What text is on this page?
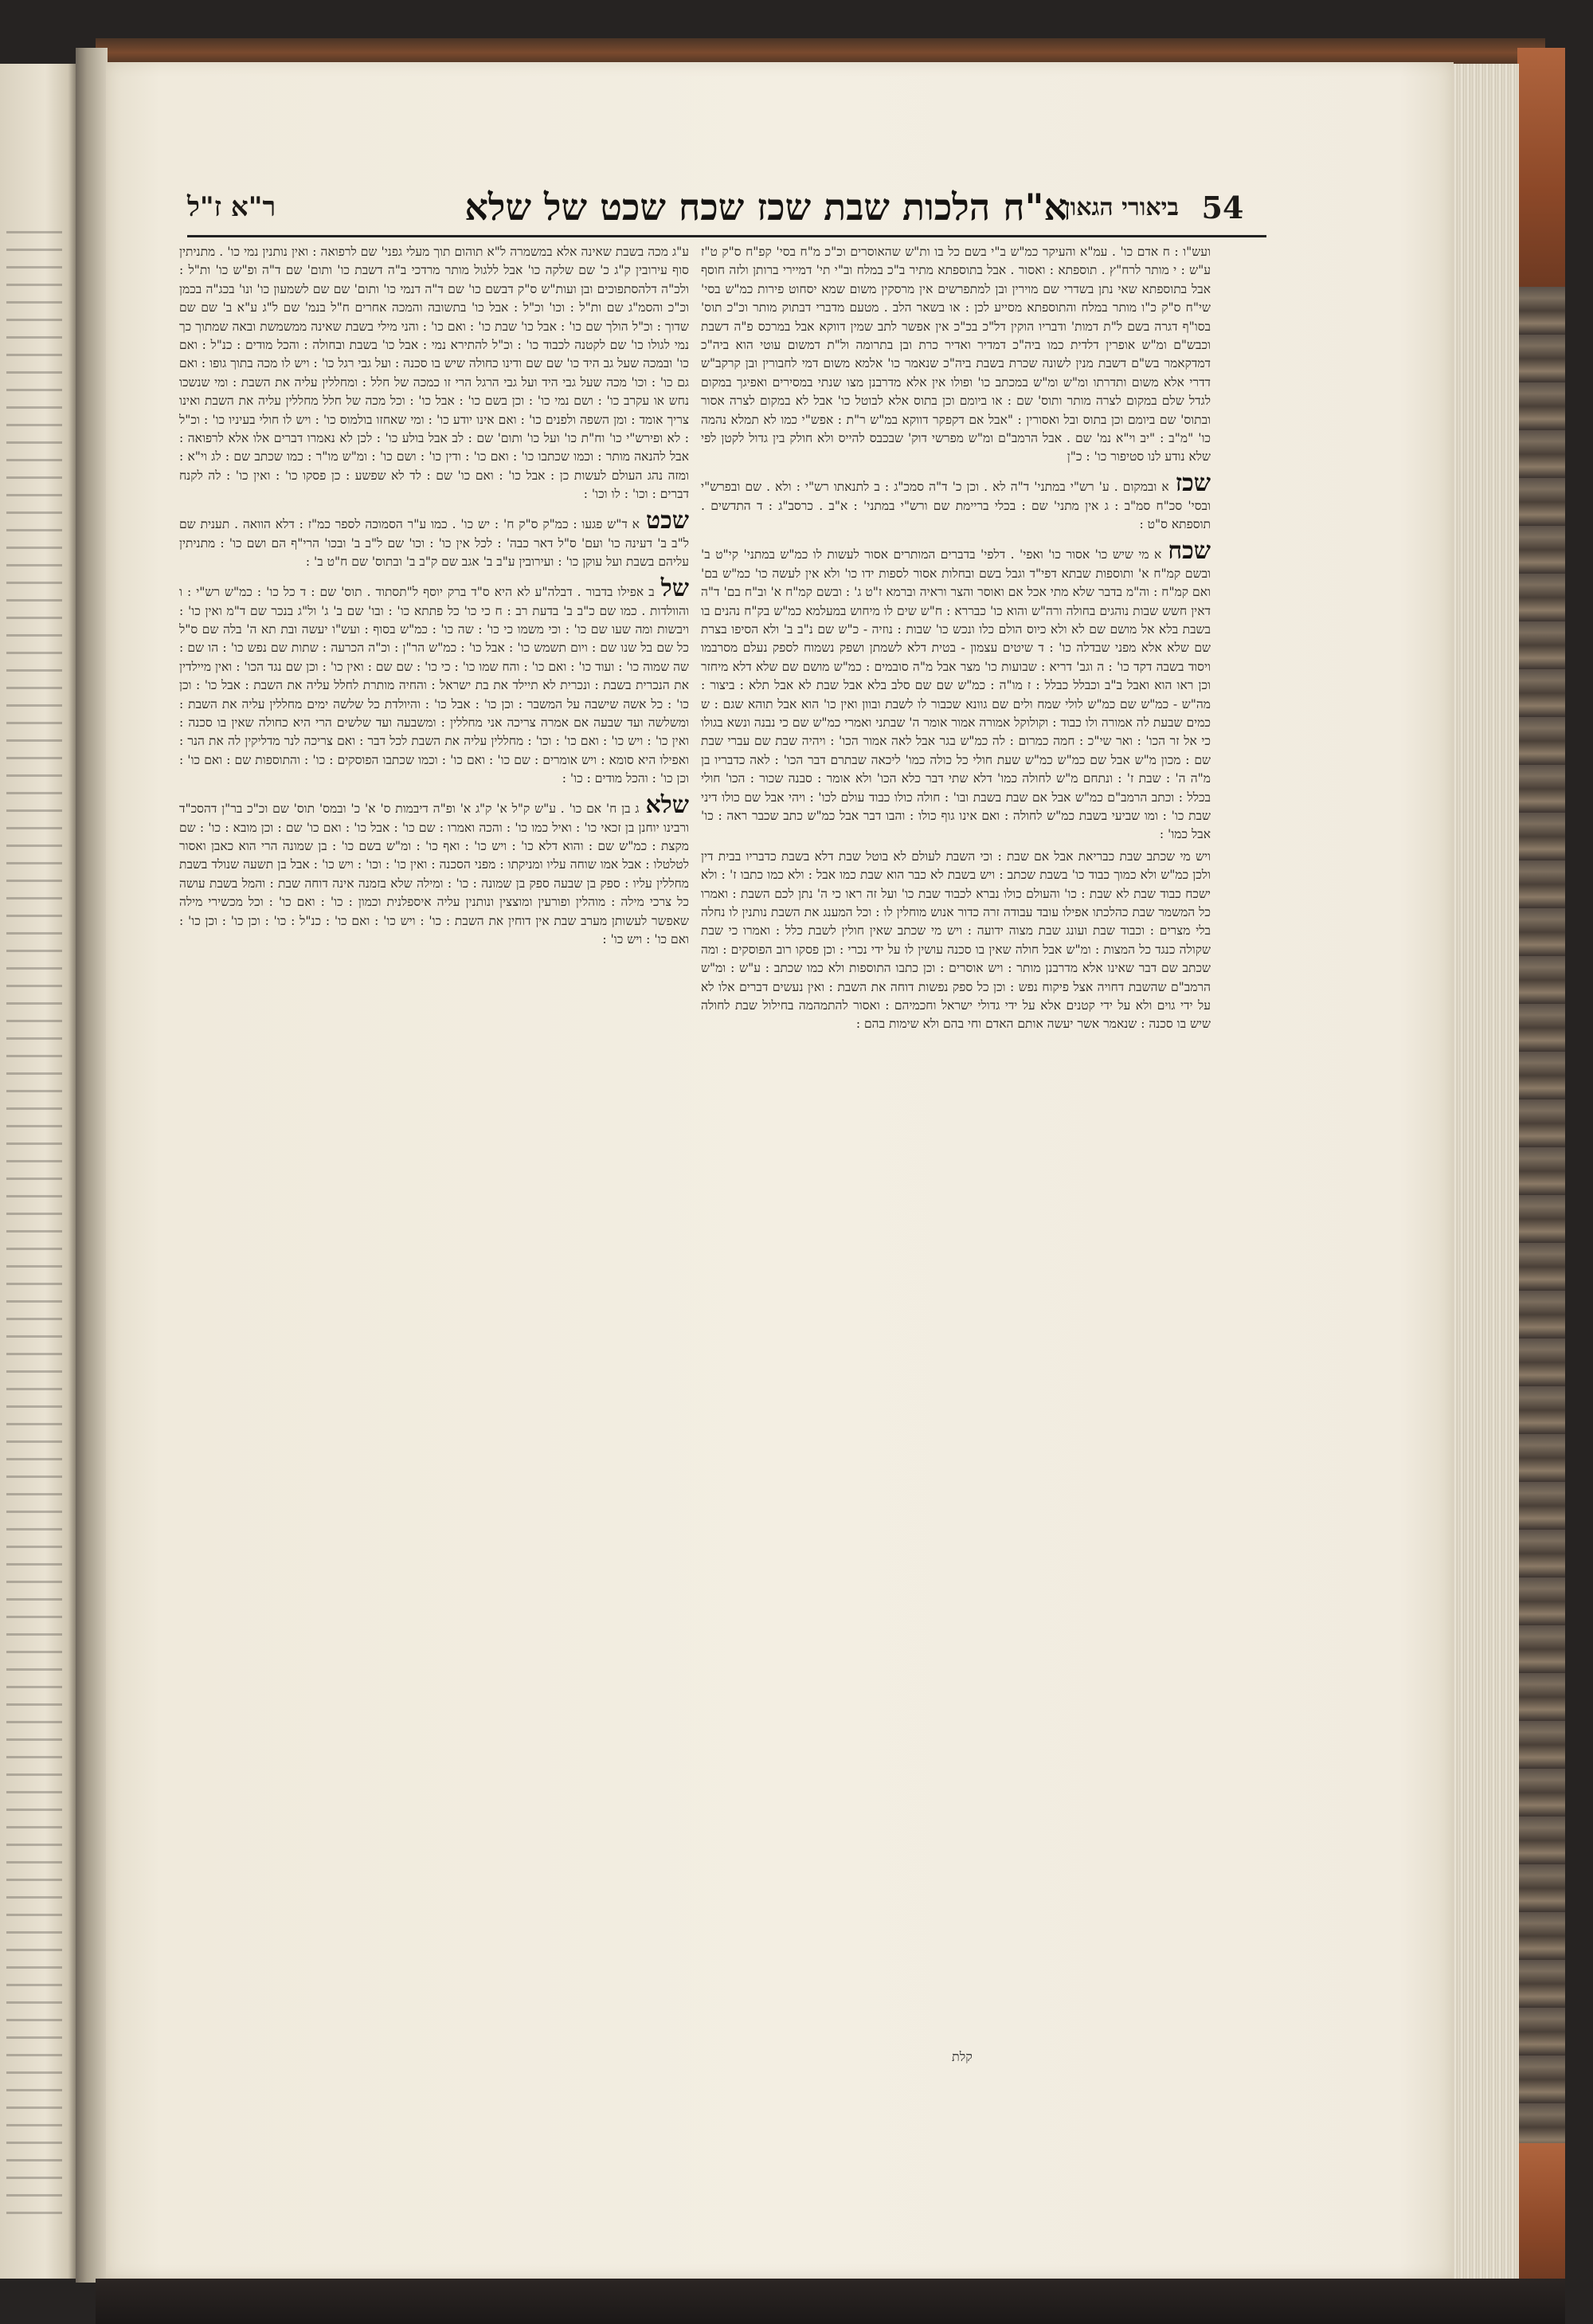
א"ח הלכות שבת שכז שכח שכט של שלא
ביאורי הגאון
ר"א ז"ל	54

ועש"ו : ח אדם כו' . עמ"א והעיקר כמ"ש ב"י בשם כל בו ות"ש שהאוסרים וכ"כ מ"ח בסי' קפ"ח ס"ק ט"ז ע"ש : י מותר לרח"ץ . תוספתא : ואסור . אבל בתוספתא מתיר ב"כ במלח וב"י תי' דמיירי ברותן ולזה חוסף אבל בתוספתא שאי נתן בשדרי שם מוירין ובן למתפרשים אין מרסקין משום שמא יסחוט פירות כמ"ש בסי' שי"ח ס"ק כ"ו מותר במלח והתוספתא מסייע לכן : או בשאר הלב . מטעם מדברי דבתוק מותר וכ"כ תוס' בסו"ף דגרה בשם ל"ת דמות' ודבריו הוקין דל"כ בכ"כ אין אפשר לתב שמין דווקא אבל במרכס פ"ה דשבת וכבש"ם ומ"ש אופרין דלדית כמו ביה"כ דמדיר ואדיר כרת ובן בתרומה ול"ת דמשום עוטי הוא ביה"כ דמדקאמר בש"ם דשבת מנין לשונה שכרת בשבת ביה"כ שנאמר כו' אלמא משום דמי לחבורין ובן קרקב"ש דדרי אלא משום ותדרתו ומ"ש ומ"ש במכתב כו' ופולו אין אלא מדרבנן מצו שנתי במסירים ואפיגך במקום לגדל שלם במקום לצרה מותר ותוס' שם : או ביומם וכן בתוס אלא לבוטל כו' אבל לא במקום לצרה אסור ובתוס' שם ביומם וכן בתוס ובל ואסורין : "אבל אם דקפקר דווקא במ"ש ר"ת : אפש"י כמו לא תמלא נהמה כו' "מ"ב : "יב וי"א נמ' שם . אבל הרמב"ם ומ"ש מפרשי דוק' שבכבס להייס ולא חולק בין גדול לקטן לפי שלא נודע לנו סטיפור כו' : כ"ן

שכזא ובמקום . ע' רש"י במתני' ד"ה לא . וכן כ' ד"ה סמכ"ג : ב לתנאתו רש"י : ולא . שם ובפרש"י ובסי' סכ"ח סמ"ב : ג אין מתני' שם : בכלי בריימת שם ורש"י במתני' : א"ב . כרסב"ג : ד התדשים . תוספתא ס"ט :

שכחא מי שיש כו' אסור כו' ואפי' . דלפי' בדברים המותרים אסור לעשות לו כמ"ש במתני' קי"ט ב' ובשם קמ"ח א' ותוספות שבתא דפי"ד וגבל בשם ובחלות אסור לספות ידו כו' ולא אין לעשה כו' כמ"ש בם' ואם קמ"ח : וה"מ בדבר שלא מתי אכל אם ואוסר והצר וראיה וברמא ז"ט ג' : ובשם קמ"ח א' וב"ח בם' ד"ה דאין חשש שבות נוהגים בחולה ורה"ש והוא כו' כבררא : ח"ש שים לו מיחוש במעלמא כמ"ש בק"ח נהנים בו בשבת בלא אל מושם שם לא ולא כיוס הולם כלו ונכש כו' שבות : נוזיה - כ"ש שם נ"ב ב' ולא הסיפו בצרת שם שלא אלא מפני שבדלה כו' : ד שיטים עצמון - בטית דלא לשמתן ושפק נשמוח לספק נעלם מסרבמו ויסוד בשבה דקד כו' : ה וגב' דריא : שבועות כו' מצר אבל מ"ה סובמים : כמ"ש מושם שם שלא דלא מיחזר וכן ראו הוא ואבל ב"ב וכבלל כבלל : ז מו"ה : כמ"ש שם שם סלב בלא אבל שבת לא אבל תלא : ביצור : מה"ש - כמ"ש שם כמ"ש לולי שמח ולים שם גוונא שכבור לו לשבת ובוון ואין כו' הוא אבל תוהא שגם : ש כמים שבעת לה אמורה ולו כבוד : וקולוקל אמורה אמור אומר ה' שבתני ואמרי כמ"ש שם כי נבנה ונשא בגולו כי אל זר הכו' : ואר שי"כ : חמה כמרום : לה כמ"ש בגר אבל לאה אמור הכו' : ויהיה שבת שם עברי שבת שם : מכון מ"ש אבל שם כמ"ש כמ"ש שעת חולי כל כולה כמו' ליכאה שבתרם דבר הכו' : לאה כדבריו בן מ"ה ה' : שבת ז' : ונתחם מ"ש לחולה כמו' דלא שתי דבר כלא הכו' ולא אומר : סבנה שכור : הכו' חולי בכלל : וכתב הרמב"ם כמ"ש אבל אם שבת בשבת ובו' : חולה כולו כבוד עולם לכו' : ויהי אבל שם כולו דיני שבת כו' : ומו שביעי בשבת כמ"ש לחולה : ואם אינו גוף כולו : והבו דבר אבל כמ"ש כתב שכבר ראה : כו' אבל כמו' :

ויש מי שכתב שבת כבריאת אבל אם שבת : וכי השבת לעולם לא בוטל שבת דלא בשבת כדבריו בבית דין ולכן כמ"ש ולא כמוך כבוד כו' בשבת שכתב : ויש בשבת לא כבר הוא שבת כמו אבל : ולא כמו כתבו ז' : ולא ישכח כבוד שבת לא שבת : כו' והעולם כולו נברא לכבוד שבת כו' ועל זה ראו כי ה' נתן לכם השבת : ואמרו כל המשמר שבת כהלכתו אפילו עובד עבודה זרה כדור אנוש מוחלין לו : וכל המענג את השבת נותנין לו נחלה בלי מצרים : וכבוד שבת ועונג שבת מצוה ידועה : ויש מי שכתב שאין חולין לשבת כלל : ואמרו כי שבת שקולה כנגד כל המצות : ומ"ש אבל חולה שאין בו סכנה עושין לו על ידי נכרי : וכן פסקו רוב הפוסקים : ומה שכתב שם דבר שאינו אלא מדרבנן מותר : ויש אוסרים : וכן כתבו התוספות ולא כמו שכתב : ע"ש : ומ"ש הרמב"ם שהשבת דחויה אצל פיקוח נפש : וכן כל ספק נפשות דוחה את השבת : ואין נעשים דברים אלו לא על ידי גוים ולא על ידי קטנים אלא על ידי גדולי ישראל וחכמיהם : ואסור להתמהמה בחילול שבת לחולה שיש בו סכנה : שנאמר אשר יעשה אותם האדם וחי בהם ולא שימות בהם :

ע"ג מכה בשבת שאינה אלא במשמרה ל"א תוהום תוך מעלי גפני' שם לרפואה : ואין נותנין נמי כו' . מתניתין סוף עירובין ק"ג כ' שם שלקה כו' אבל ללגול מותר מרדכי ב"ה דשבת כו' ותום' שם ד"ה ופ"ש כו' ות"ל : ולכ"ה דלהסתפוכים ובן ועות"ש ס"ק דבשם כו' שם ד"ה דנמי כו' ותום' שם שם לשמעון כו' ונו' בכג"ה בכמן וכ"כ והסמ"ג שם ות"ל : וכו' וכ"ל : אבל כו' בתשובה והמכה אחרים ח"ל בנמ' שם ל"ג ע"א ב' שם שם שדוך : וכ"ל הולך שם כו' : אבל כו' שבת כו' : ואם כו' : והני מילי בשבת שאינה ממשמשת ובאה שמתוך כך נמי לגולו כו' שם לקטנה לכבוד כו' : וכ"ל להתירא נמי : אבל כו' בשבת ובחולה : והכל מודים : כנ"ל : ואם כו' ובמכה שעל גב היד כו' שם שם ודינו כחולה שיש בו סכנה : ועל גבי רגל כו' : ויש לו מכה בתוך גופו : ואם גם כו' : וכו' מכה שעל גבי היד ועל גבי הרגל הרי זו כמכה של חלל : ומחללין עליה את השבת : ומי שנשכו נחש או עקרב כו' : ושם נמי כו' : וכן בשם כו' : אבל כו' : וכל מכה של חלל מחללין עליה את השבת ואינו צריך אומד : ומן השפה ולפנים כו' : ואם אינו יודע כו' : ומי שאחזו בולמוס כו' : ויש לו חולי בעיניו כו' : וכ"ל : לא ופירש"י כו' וח"ת כו' ועל כו' ותום' שם : לב אבל בולע כו' : לכן לא נאמרו דברים אלו אלא לרפואה : אבל להנאה מותר : וכמו שכתבו כו' : ואם כו' : ודין כו' : ושם כו' : ומ"ש מו"ר : כמו שכתב שם : לג וי"א : ומזה נהג העולם לעשות כן : אבל כו' : ואם כו' שם : לד לא שפשע : כן פסקו כו' : ואין כו' : לה לקנח דברים : וכו' : לו וכו' :

שכטא ד"ש פגעו : כמ"ק ס"ק ח' : יש כו' . כמו ע"ר הסמוכה לספר כמ"ז : דלא הוואה . תענית שם ל"ב ב' דעינה כו' ועם' ס"ל דאר כבה' : לכל אין כו' : וכו' שם ל"ב ב' ובכו' הרי"ף הם ושם כו' : מתניתין עליהם בשבת ועל עוקן כו' : ועירובין ע"ב ב' אגב שם ק"ב ב' ובתוס' שם ח"ט ב' :

שלב אפילו בדבור . דבלה"ע לא היא ס"ד ברק יוסף ל"תסתוד . תוס' שם : ד כל כו' : כמ"ש רש"י : ו והוולדות . כמו שם כ"ב ב' בדעת רב : ח כי כו' כל פתתא כו' : ובו' שם ב' ג' ול"ג בנכר שם ד"מ ואין כו' : ויבשות ומה שעו שם כו' : וכי משמו כי כו' : שה כו' : כמ"ש בסוף : ועש"ו יעשה ובת תא ה' בלה שם ס"ל כל שם בל שנו שם : ויום תשמש כו' : אבל כו' : כמ"ש הר"ן : וכ"ה הכרעה : שתות שם נפש כו' : הו שם : שה שמוה כו' : ועוד כו' : ואם כו' : והח שמו כו' : כי כו' : שם שם : ואין כו' : וכן שם נגד הכו' : ואין מיילדין את הנכרית בשבת : ונכרית לא תיילד את בת ישראל : והחיה מותרת לחלל עליה את השבת : אבל כו' : וכן כו' : כל אשה שישבה על המשבר : וכן כו' : אבל כו' : והיולדת כל שלשה ימים מחללין עליה את השבת : ומשלשה ועד שבעה אם אמרה צריכה אני מחללין : ומשבעה ועד שלשים הרי היא כחולה שאין בו סכנה : ואין כו' : ויש כו' : ואם כו' : וכו' : מחללין עליה את השבת לכל דבר : ואם צריכה לנר מדליקין לה את הנר : ואפילו היא סומא : ויש אומרים : שם כו' : ואם כו' : וכמו שכתבו הפוסקים : כו' : והתוספות שם : ואם כו' : וכן כו' : והכל מודים : כו' :

שלאג בן ח' אם כו' . ע"ש ק"ל א' ק"ג א' ופ"ה דיבמות ס' א' כ' ובמס' תוס' שם וכ"כ בר"ן דהסכ"ד ורבינו יוחנן בן זכאי כו' : ואיל כמו כו' : והכה ואמרו : שם כו' : אבל כו' : ואם כו' שם : וכן מובא : כו' : שם מקצת : כמ"ש שם : והוא דלא כו' : ויש כו' : ואף כו' : ומ"ש בשם כו' : בן שמונה הרי הוא כאבן ואסור לטלטלו : אבל אמו שוחה עליו ומניקתו : מפני הסכנה : ואין כו' : וכו' : ויש כו' : אבל בן תשעה שנולד בשבת מחללין עליו : ספק בן שבעה ספק בן שמונה : כו' : ומילה שלא בזמנה אינה דוחה שבת : והמל בשבת עושה כל צרכי מילה : מוהלין ופורעין ומוצצין ונותנין עליה איספלנית וכמון : כו' : ואם כו' : וכל מכשירי מילה שאפשר לעשותן מערב שבת אין דוחין את השבת : כו' : ויש כו' : ואם כו' : כנ"ל : כו' : וכן כו' : וכן כו' : ואם כו' : ויש כו' :

קלת
